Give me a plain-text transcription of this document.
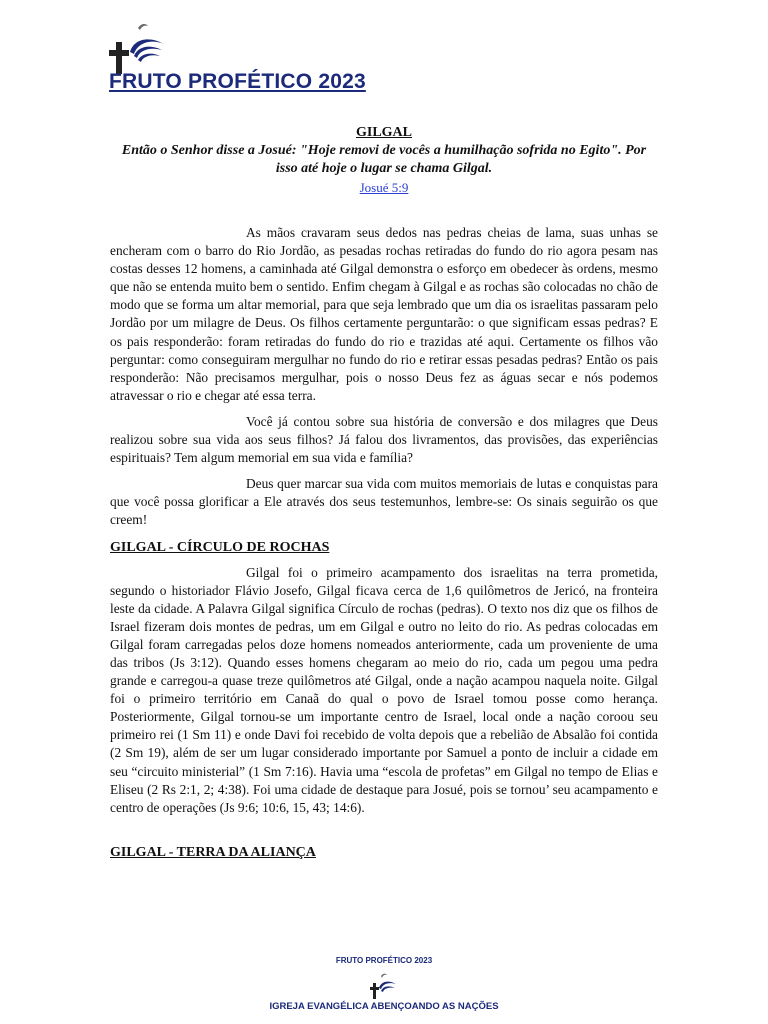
FRUTO PROFÉTICO 2023
GILGAL
Então o Senhor disse a Josué: "Hoje removi de vocês a humilhação sofrida no Egito". Por isso até hoje o lugar se chama Gilgal.
Josué 5:9

As mãos cravaram seus dedos nas pedras cheias de lama, suas unhas se encheram com o barro do Rio Jordão, as pesadas rochas retiradas do fundo do rio agora pesam nas costas desses 12 homens, a caminhada até Gilgal demonstra o esforço em obedecer às ordens, mesmo que não se entenda muito bem o sentido. Enfim chegam à Gilgal e as rochas são colocadas no chão de modo que se forma um altar memorial, para que seja lembrado que um dia os israelitas passaram pelo Jordão por um milagre de Deus. Os filhos certamente perguntarão: o que significam essas pedras? E os pais responderão: foram retiradas do fundo do rio e trazidas até aqui. Certamente os filhos vão perguntar: como conseguiram mergulhar no fundo do rio e retirar essas pesadas pedras? Então os pais responderão: Não precisamos mergulhar, pois o nosso Deus fez as águas secar e nós podemos atravessar o rio e chegar até essa terra.

Você já contou sobre sua história de conversão e dos milagres que Deus realizou sobre sua vida aos seus filhos? Já falou dos livramentos, das provisões, das experiências espirituais? Tem algum memorial em sua vida e família?

Deus quer marcar sua vida com muitos memoriais de lutas e conquistas para que você possa glorificar a Ele através dos seus testemunhos, lembre-se: Os sinais seguirão os que creem!

GILGAL - CÍRCULO DE ROCHAS

Gilgal foi o primeiro acampamento dos israelitas na terra prometida, segundo o historiador Flávio Josefo, Gilgal ficava cerca de 1,6 quilômetros de Jericó, na fronteira leste da cidade. A Palavra Gilgal significa Círculo de rochas (pedras). O texto nos diz que os filhos de Israel fizeram dois montes de pedras, um em Gilgal e outro no leito do rio. As pedras colocadas em Gilgal foram carregadas pelos doze homens nomeados anteriormente, cada um proveniente de uma das tribos (Js 3:12). Quando esses homens chegaram ao meio do rio, cada um pegou uma pedra grande e carregou-a quase treze quilômetros até Gilgal, onde a nação acampou naquela noite. Gilgal foi o primeiro território em Canaã do qual o povo de Israel tomou posse como herança. Posteriormente, Gilgal tornou-se um importante centro de Israel, local onde a nação coroou seu primeiro rei (1 Sm 11) e onde Davi foi recebido de volta depois que a rebelião de Absalão foi contida (2 Sm 19), além de ser um lugar considerado importante por Samuel a ponto de incluir a cidade em seu “circuito ministerial” (1 Sm 7:16). Havia uma “escola de profetas” em Gilgal no tempo de Elias e Eliseu (2 Rs 2:1, 2; 4:38). Foi uma cidade de destaque para Josué, pois se tornou’ seu acampamento e centro de operações (Js 9:6; 10:6, 15, 43; 14:6).

GILGAL - TERRA DA ALIANÇA
FRUTO PROFÉTICO 2023
IGREJA EVANGÉLICA ABENÇOANDO AS NAÇÕES
